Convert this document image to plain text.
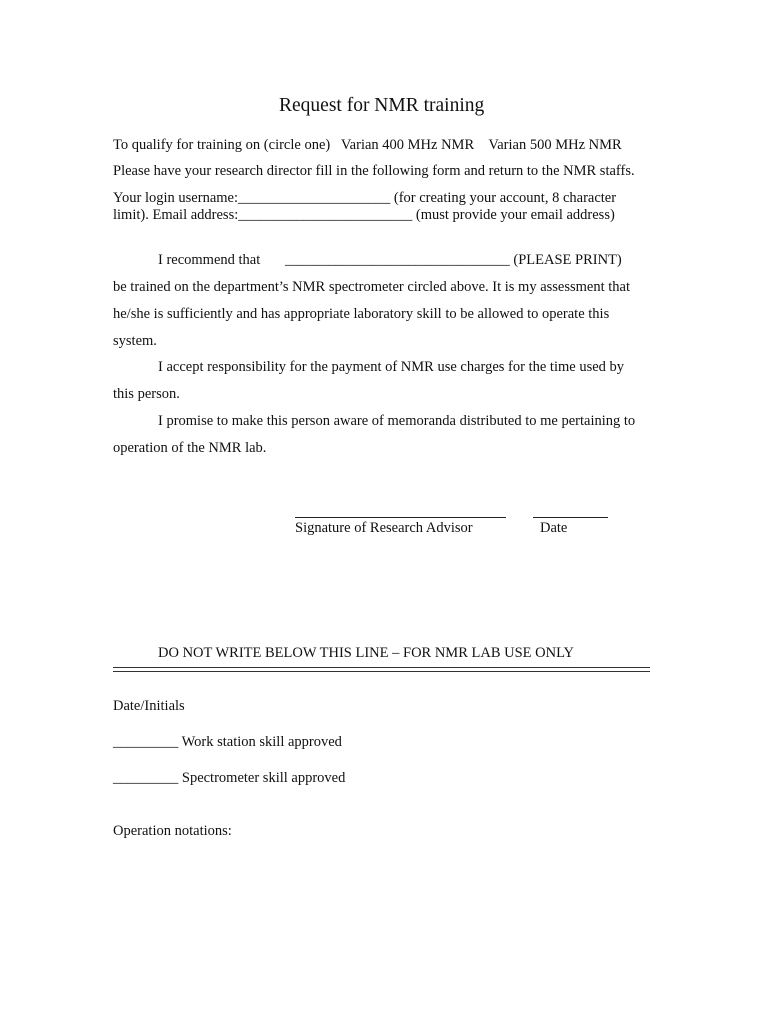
Request for NMR training
To qualify for training on (circle one)   Varian 400 MHz NMR    Varian 500 MHz NMR
Please have your research director fill in the following form and return to the NMR staffs.
Your login username:_____________________ (for creating your account, 8 character
limit). Email address:________________________ (must provide your email address)
I recommend that _______________________________ (PLEASE PRINT)
be trained on the department’s NMR spectrometer circled above. It is my assessment that
he/she is sufficiently and has appropriate laboratory skill to be allowed to operate this
system.
I accept responsibility for the payment of NMR use charges for the time used by
this person.
I promise to make this person aware of memoranda distributed to me pertaining to
operation of the NMR lab.
Signature of Research Advisor	Date
DO NOT WRITE BELOW THIS LINE – FOR NMR LAB USE ONLY
Date/Initials
_________ Work station skill approved
_________ Spectrometer skill approved
Operation notations:
